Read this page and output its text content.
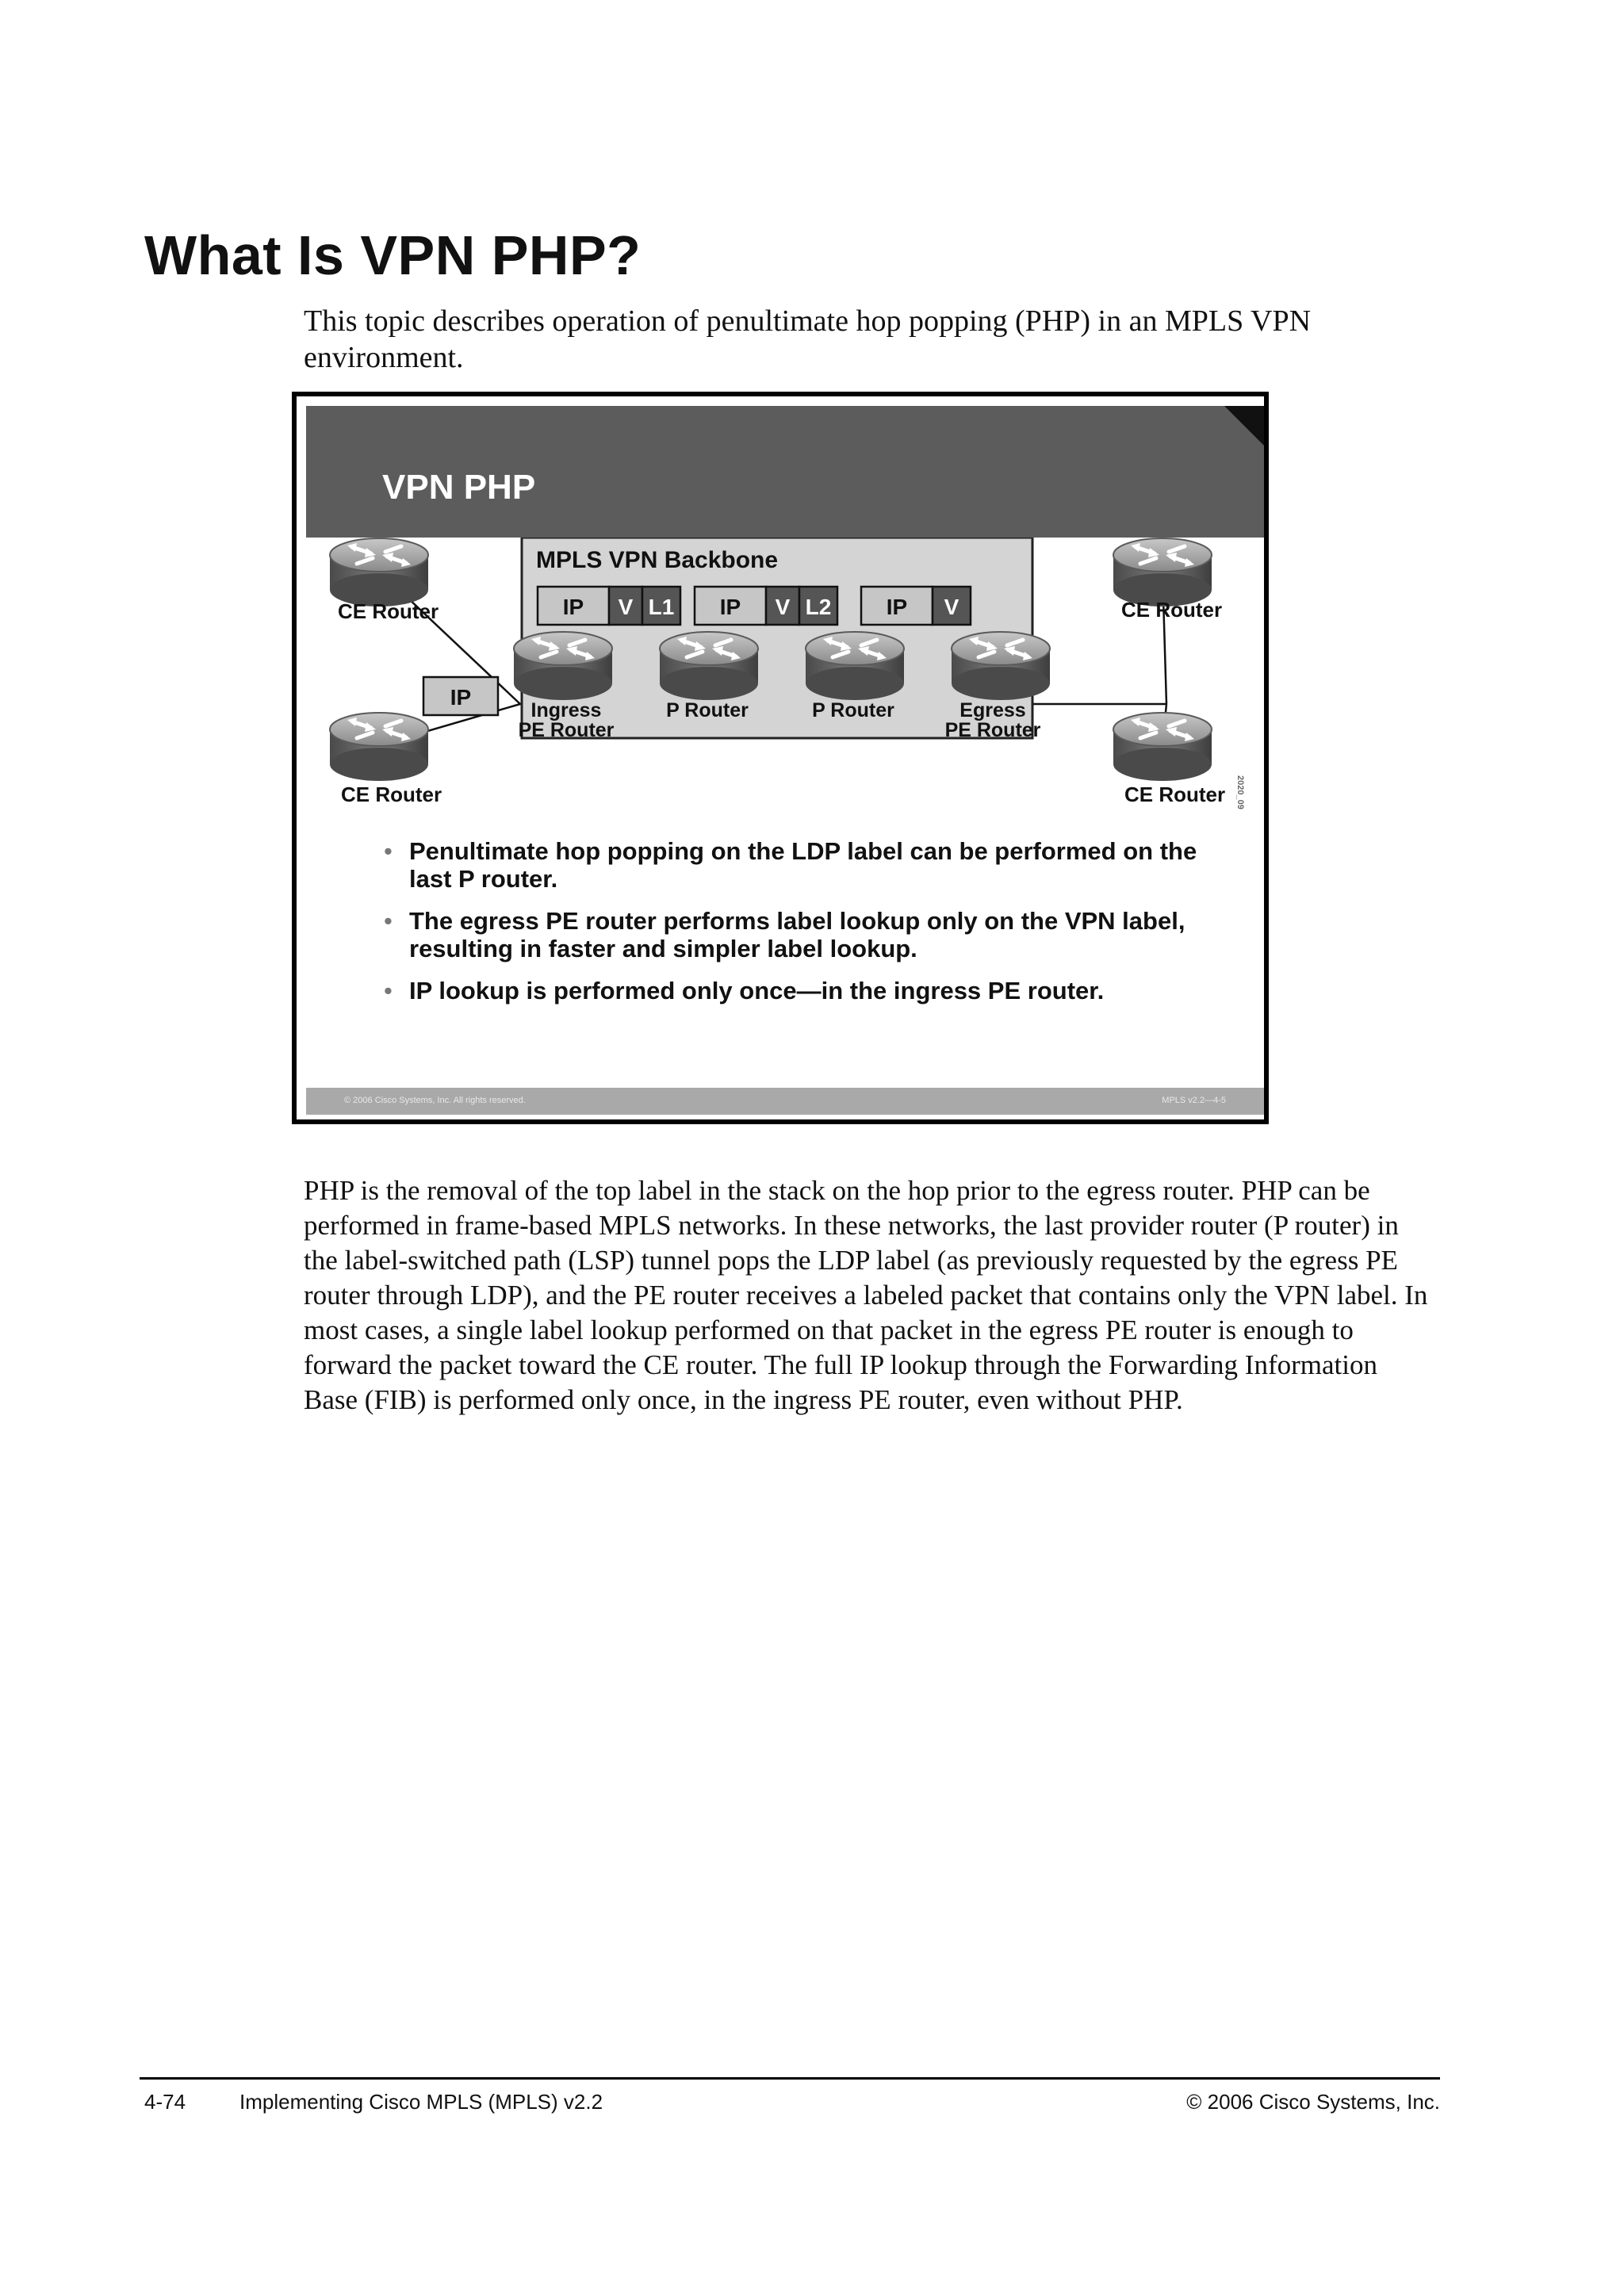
What Is VPN PHP?

This topic describes operation of penultimate hop popping (PHP) in an MPLS VPN environment.

VPN PHP
MPLS VPN Backbone
IP V L1 IP V L2 IP V
IP
CE Router
CE Router
CE Router
CE Router
Ingress
PE Router
P Router	P Router	Egress
PE Router
2020_09
• Penultimate hop popping on the LDP label can be performed on the last P router.
• The egress PE router performs label lookup only on the VPN label, resulting in faster and simpler label lookup.
• IP lookup is performed only once—in the ingress PE router.
© 2006 Cisco Systems, Inc. All rights reserved.	MPLS v2.2—4-5

PHP is the removal of the top label in the stack on the hop prior to the egress router. PHP can be performed in frame-based MPLS networks. In these networks, the last provider router (P router) in the label-switched path (LSP) tunnel pops the LDP label (as previously requested by the egress PE router through LDP), and the PE router receives a labeled packet that contains only the VPN label. In most cases, a single label lookup performed on that packet in the egress PE router is enough to forward the packet toward the CE router. The full IP lookup through the Forwarding Information Base (FIB) is performed only once, in the ingress PE router, even without PHP.

4-74	Implementing Cisco MPLS (MPLS) v2.2	© 2006 Cisco Systems, Inc.
